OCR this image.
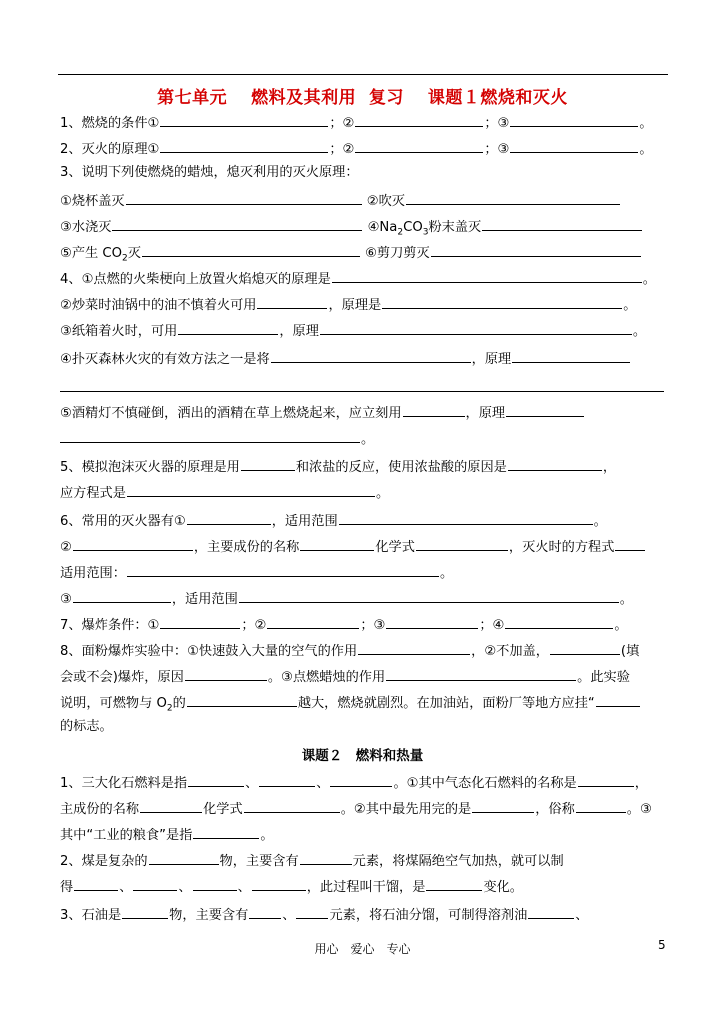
第七单元　 燃料及其利用  复习　 课题１燃烧和灭火
1、燃烧的条件①	；②	；③	。
2、灭火的原理①	；②	；③	。
3、说明下列使燃烧的蜡烛，熄灭利用的灭火原理：
①烧杯盖灭	②吹灭
③水浇灭	$④Na_2CO_3$粉末盖灭
⑤产生 $CO_2$灭	⑥剪刀剪灭
4、①点燃的火柴梗向上放置火焰熄灭的原理是	。
②炒菜时油锅中的油不慎着火可用	，原理是	。
③纸箱着火时，可用	，原理	。
④扑灭森林火灾的有效方法之一是将	，原理
⑤酒精灯不慎碰倒，洒出的酒精在草上燃烧起来，应立刻用	，原理
。
5、模拟泡沫灭火器的原理是用	和浓盐的反应，使用浓盐酸的原因是	，
应方程式是	。
6、常用的灭火器有①	，适用范围	。
②	，主要成份的名称	化学式	，灭火时的方程式
适用范围：	。
③	，适用范围	。
7、爆炸条件：①	；②	；③	；④	。
8、面粉爆炸实验中：①快速鼓入大量的空气的作用	，②不加盖，	(填
会或不会)爆炸，原因	。③点燃蜡烛的作用	。此实验
说明，可燃物与 $O_2$的	越大，燃烧就剧烈。在加油站，面粉厂等地方应挂“
的标志。
课题２　燃料和热量
1、三大化石燃料是指	、	、	。①其中气态化石燃料的名称是	，
主成份的名称	化学式	。②其中最先用完的是	，俗称	。③
其中“工业的粮食”是指	。
2、煤是复杂的	物，主要含有	元素，将煤隔绝空气加热，就可以制
得	、	、	、	，此过程叫干馏，是	变化。
3、石油是	物，主要含有	、	元素，将石油分馏，可制得溶剂油	、
用心　爱心　专心	5
